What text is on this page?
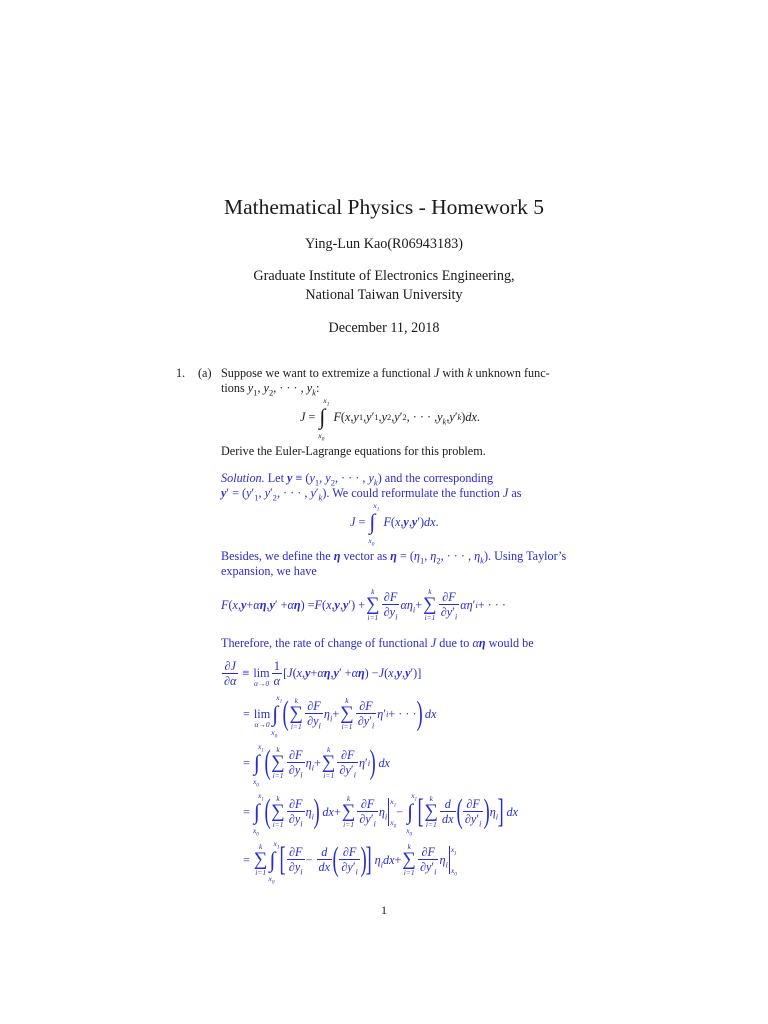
Mathematical Physics - Homework 5
Ying-Lun Kao(R06943183)
Graduate Institute of Electronics Engineering,
National Taiwan University
December 11, 2018
1. (a) Suppose we want to extremize a functional J with k unknown func-
tions $y_1$, $y_2$, · · · , $y_k$:
J = ∫
$x_1$
$x_0$

F ( x , y 1 , y ′ 1 , y 2 , y ′ 2 , · · · , $y_k$ , y ′ k ) dx .
Derive the Euler-Lagrange equations for this problem.
Solution. Let $y \equiv (y_1$, $y_2$, · · · , $y_k$) and the corresponding
$y' = (y'_1$, $y'_2$, · · · , $y'_k$). We could reformulate the function J as
J = ∫
$x_1$
$x_0$

F ( x , y , y ′) dx .
Besides, we define the η vector as $\eta = (\eta_1$, $\eta_2$, · · · , $\eta_k$). Using Taylor’s
expansion, we have
F ( x , y + α η , y ′ + α η ) = F ( x , y , y ′) +
k
∑
i=1
∂F
$\partial y_i$
$\alpha\eta_i$ +
k
∑
i=1
∂F
$\partial y'_i$
αη ′ i + · · ·
Therefore, the rate of change of functional J due to αη would be
∂J
∂α
≡ lim
α→0
1
α
[ J ( x , y + α η , y ′ + α η ) − J ( x , y , y ′)]
= lim
α→0 ∫
$x_1$
$x_0$
( k
∑
i=1
∂F
$\partial y_i$
$\eta_i$ +
k
∑
i=1
∂F
$\partial y'_i$
η ′ i + · · · )
dx
= ∫
$x_1$
$x_0$
( k
∑
i=1
∂F
$\partial y_i$
$\eta_i$ +
k
∑
i=1
∂F
$\partial y'_i$
η ′ i )
dx
= ∫
$x_1$
$x_0$
( k
∑
i=1
∂F
$\partial y_i$
$\eta_i$ )
dx +
k
∑
i=1
∂F
$\partial y'_i$
$\eta_i$
$x_1$
$x_0$
− ∫
$x_1$
$x_0$
[ k
∑
i=1
d
dx ( ∂F
$\partial y'_i$ ) $\eta_i$ ]
dx
=
k
∑
i=1
∫
$x_1$
$x_0$
[ ∂F
$\partial y_i$
−
d
dx ( ∂F
$\partial y'_i$ ) ]
$\eta_idx$ +
k
∑
i=1
∂F
$\partial y'_i$
$\eta_i$
$x_1$
$x_0$
1
